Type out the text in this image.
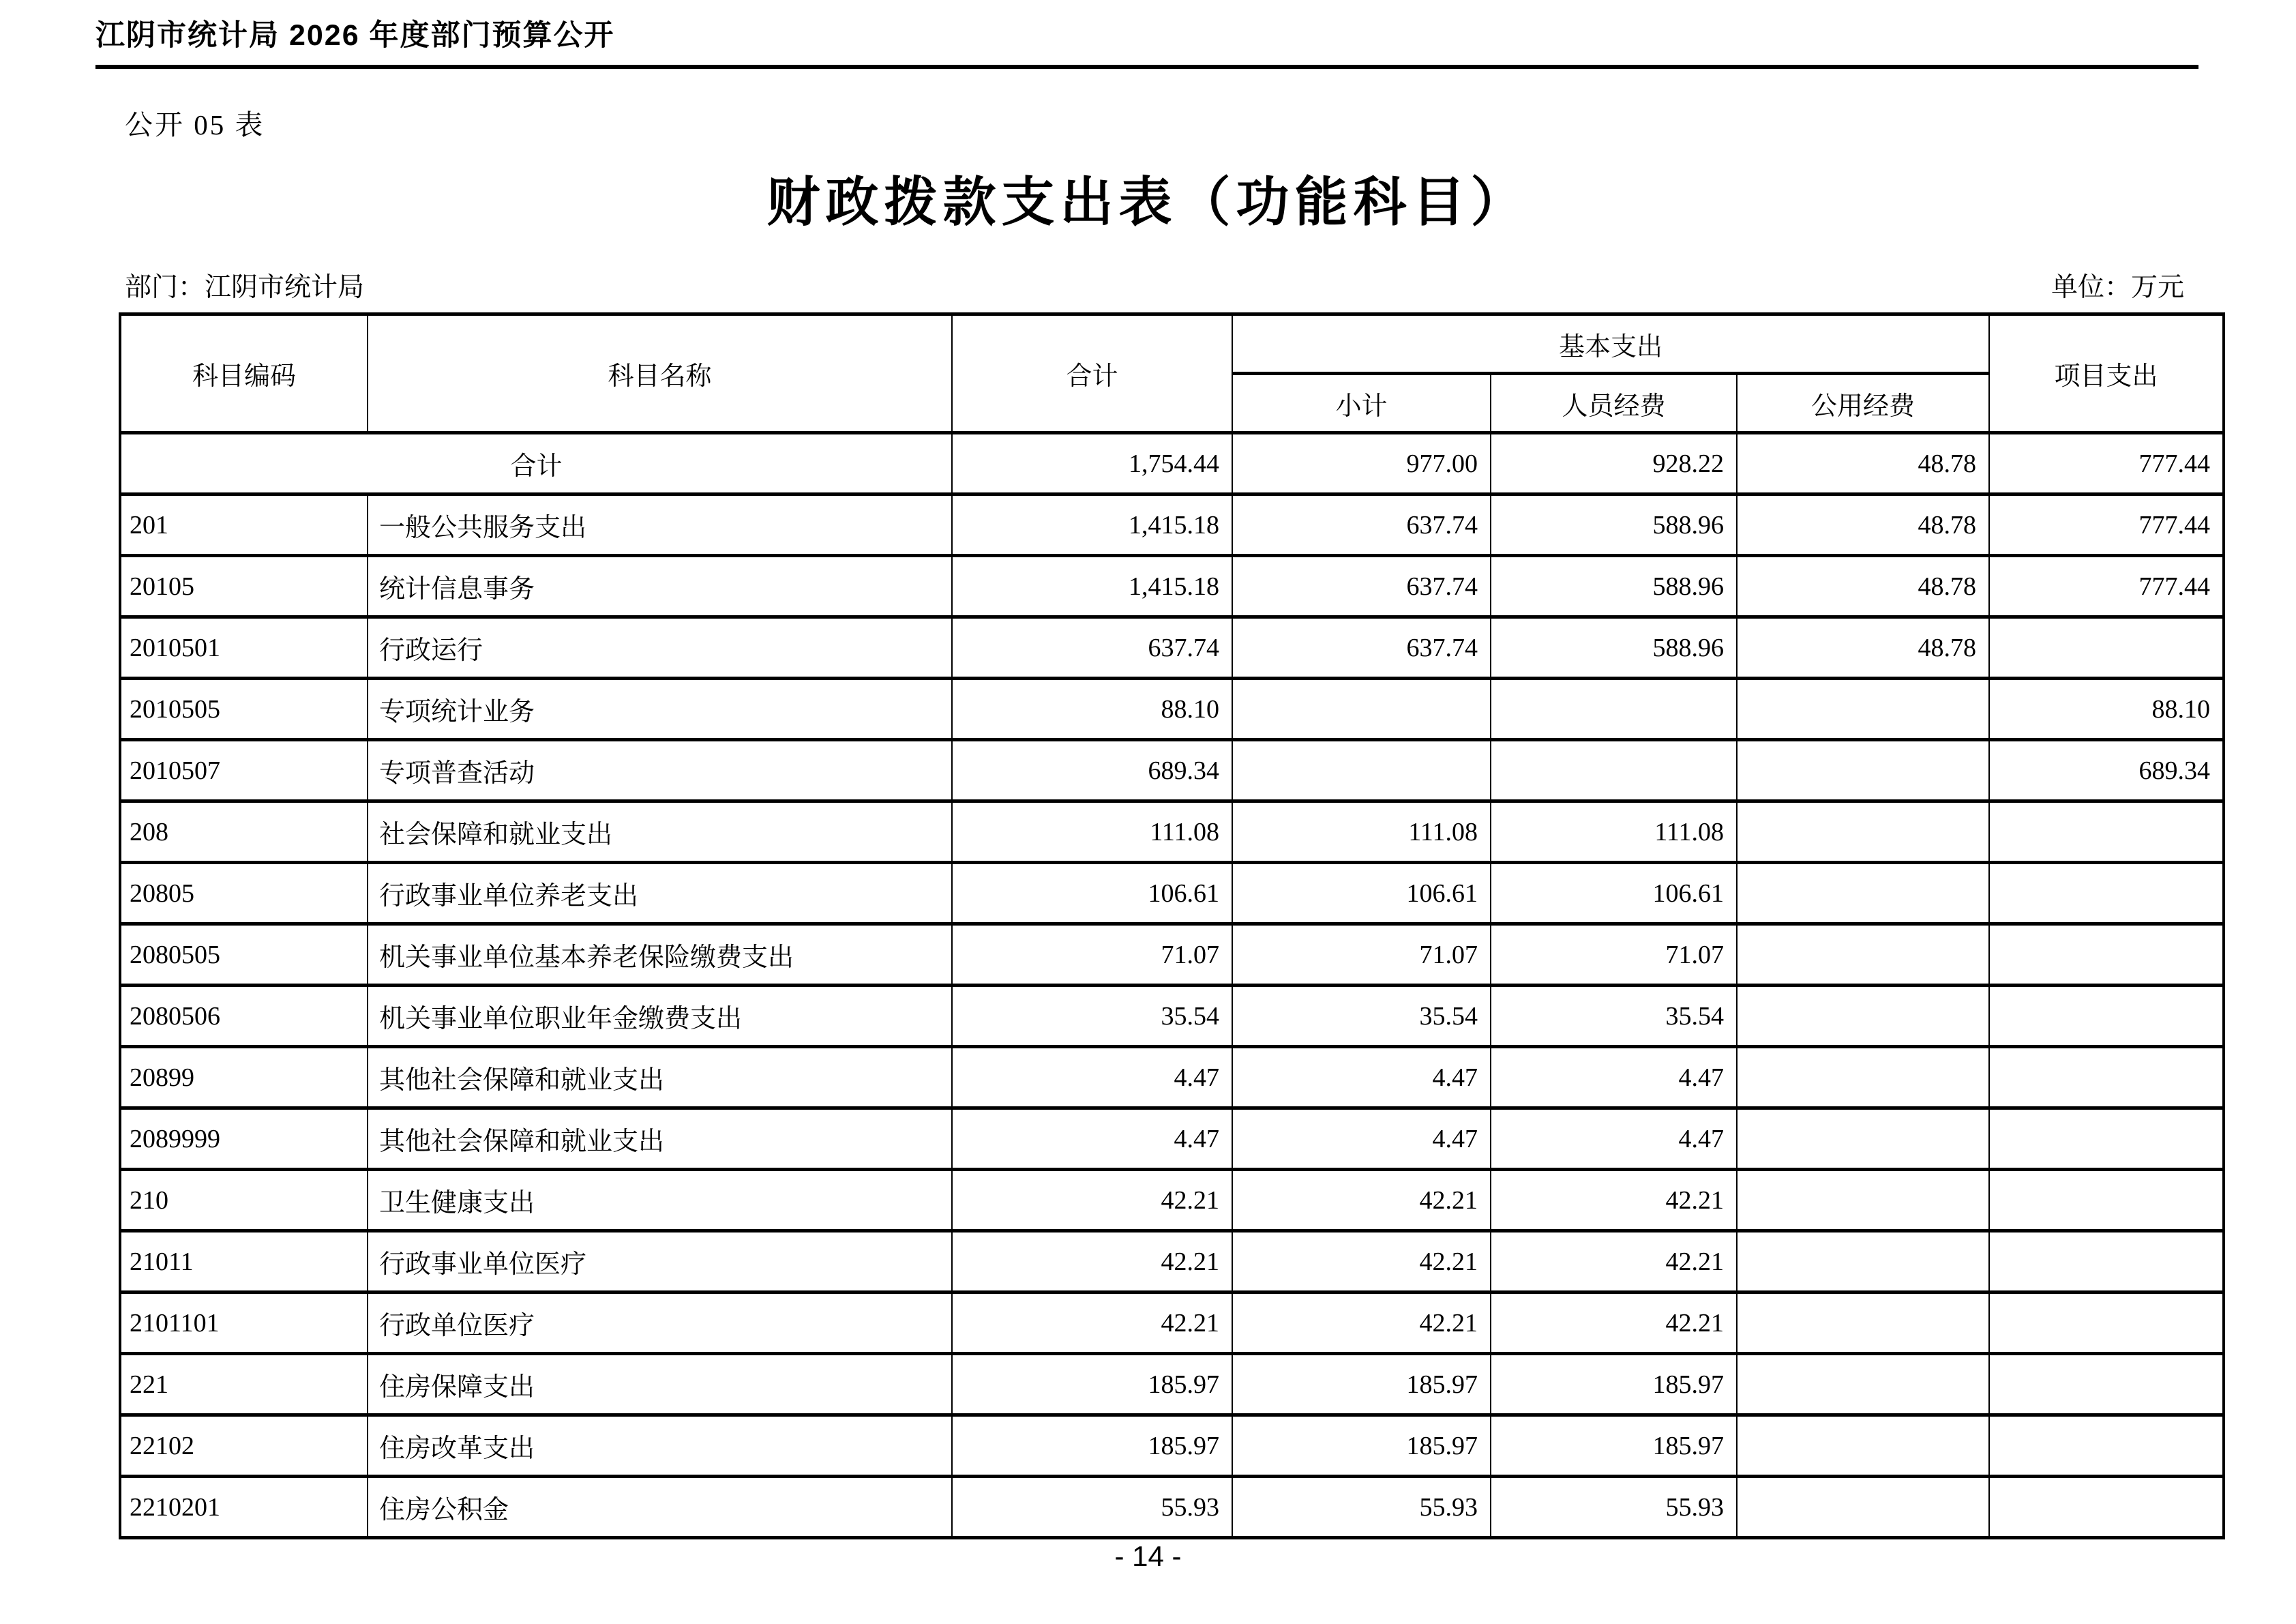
江阴市统计局 2026 年度部门预算公开
公开 05 表
财政拨款支出表（功能科目）
部门：江阴市统计局	单位：万元
科目编码	科目名称	合计	基本支出			项目支出
			小计	人员经费	公用经费	
合计		1,754.44	977.00	928.22	48.78	777.44
201	一般公共服务支出	1,415.18	637.74	588.96	48.78	777.44
20105	统计信息事务	1,415.18	637.74	588.96	48.78	777.44
2010501	行政运行	637.74	637.74	588.96	48.78	
2010505	专项统计业务	88.10				88.10
2010507	专项普查活动	689.34				689.34
208	社会保障和就业支出	111.08	111.08	111.08		
20805	行政事业单位养老支出	106.61	106.61	106.61		
2080505	机关事业单位基本养老保险缴费支出	71.07	71.07	71.07		
2080506	机关事业单位职业年金缴费支出	35.54	35.54	35.54		
20899	其他社会保障和就业支出	4.47	4.47	4.47		
2089999	其他社会保障和就业支出	4.47	4.47	4.47		
210	卫生健康支出	42.21	42.21	42.21		
21011	行政事业单位医疗	42.21	42.21	42.21		
2101101	行政单位医疗	42.21	42.21	42.21		
221	住房保障支出	185.97	185.97	185.97		
22102	住房改革支出	185.97	185.97	185.97		
2210201	住房公积金	55.93	55.93	55.93		
- 14 -
